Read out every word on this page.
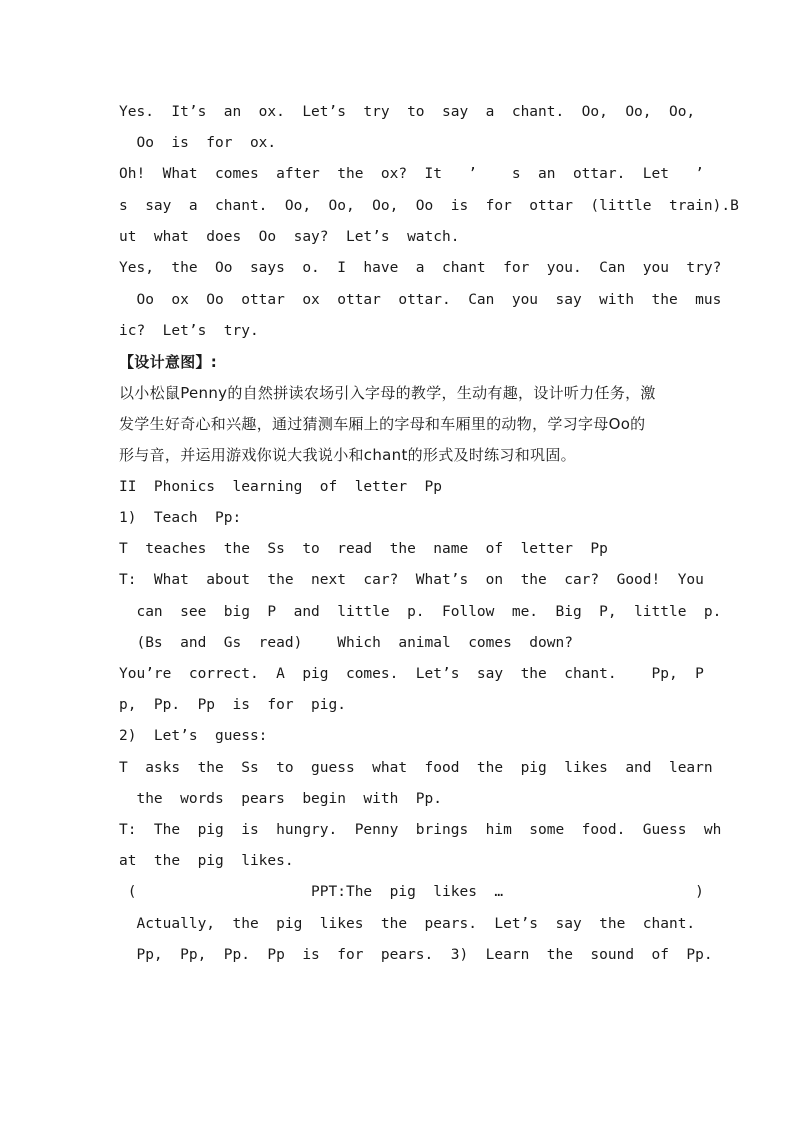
Yes.  It’s  an  ox.  Let’s  try  to  say  a  chant.  Oo,  Oo,  Oo,

Oo  is  for  ox.

Oh!  What  comes  after  the  ox?  It   ’    s  an  ottar.  Let   ’

s  say  a  chant.  Oo,  Oo,  Oo,  Oo  is  for  ottar  (little  train).B

ut  what  does  Oo  say?  Let’s  watch.

Yes,  the  Oo  says  o.  I  have  a  chant  for  you.  Can  you  try?

Oo  ox  Oo  ottar  ox  ottar  ottar.  Can  you  say  with  the  mus

ic?  Let’s  try.

【设计意图】:

以小松鼠Penny的自然拼读农场引入字母的教学，生动有趣，设计听力任务，激

发学生好奇心和兴趣，通过猜测车厢上的字母和车厢里的动物，学习字母Oo的

形与音，并运用游戏你说大我说小和chant的形式及时练习和巩固。

II  Phonics  learning  of  letter  Pp

1)  Teach  Pp:

T  teaches  the  Ss  to  read  the  name  of  letter  Pp

T:  What  about  the  next  car?  What’s  on  the  car?  Good!  You

can  see  big  P  and  little  p.  Follow  me.  Big  P,  little  p.

(Bs  and  Gs  read)    Which  animal  comes  down?

You’re  correct.  A  pig  comes.  Let’s  say  the  chant.    Pp,  P

p,  Pp.  Pp  is  for  pig.

2)  Let’s  guess:

T  asks  the  Ss  to  guess  what  food  the  pig  likes  and  learn

the  words  pears  begin  with  Pp.

T:  The  pig  is  hungry.  Penny  brings  him  some  food.  Guess  wh

at  the  pig  likes.

(                    PPT:The  pig  likes  …                      )

Actually,  the  pig  likes  the  pears.  Let’s  say  the  chant.

Pp,  Pp,  Pp.  Pp  is  for  pears.  3)  Learn  the  sound  of  Pp.
